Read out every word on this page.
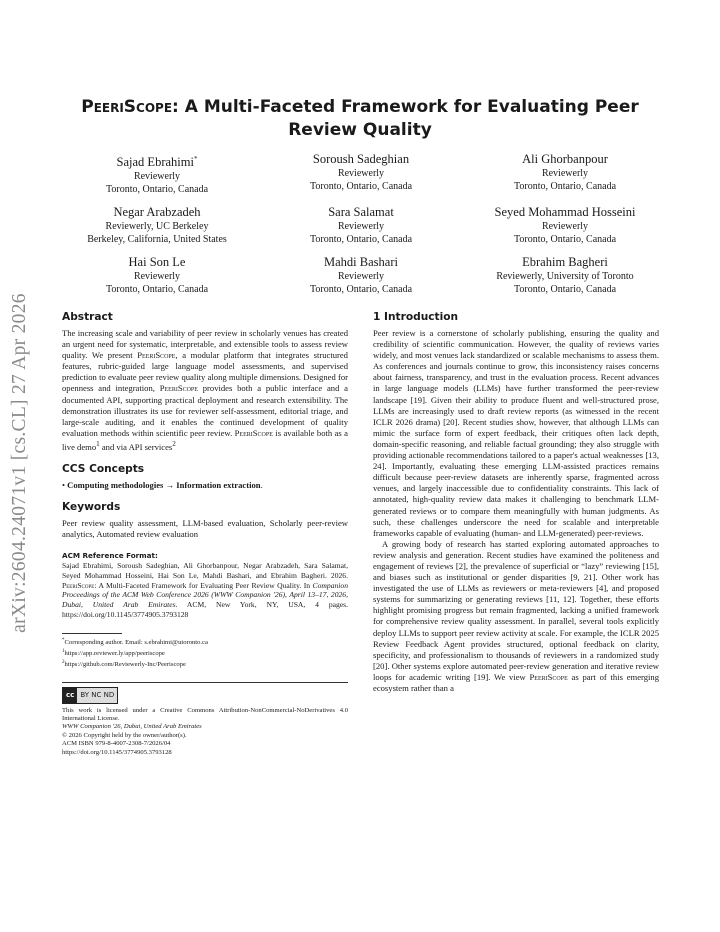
arXiv:2604.24071v1 [cs.CL] 27 Apr 2026
PeeriScope: A Multi-Faceted Framework for Evaluating Peer
Review Quality
Sajad Ebrahimi*
Reviewerly
Toronto, Ontario, Canada
Soroush Sadeghian
Reviewerly
Toronto, Ontario, Canada
Ali Ghorbanpour
Reviewerly
Toronto, Ontario, Canada
Negar Arabzadeh
Reviewerly, UC Berkeley
Berkeley, California, United States
Sara Salamat
Reviewerly
Toronto, Ontario, Canada
Seyed Mohammad Hosseini
Reviewerly
Toronto, Ontario, Canada
Hai Son Le
Reviewerly
Toronto, Ontario, Canada
Mahdi Bashari
Reviewerly
Toronto, Ontario, Canada
Ebrahim Bagheri
Reviewerly, University of Toronto
Toronto, Ontario, Canada
Abstract

The increasing scale and variability of peer review in scholarly venues has created an urgent need for systematic, interpretable, and extensible tools to assess review quality. We present PeeriScope, a modular platform that integrates structured features, rubric-guided large language model assessments, and supervised prediction to evaluate peer review quality along multiple dimensions. Designed for openness and integration, PeeriScope provides both a public interface and a documented API, supporting practical deployment and research extensibility. The demonstration illustrates its use for reviewer self-assessment, editorial triage, and large-scale auditing, and it enables the continued development of quality evaluation methods within scientific peer review. PeeriScope is available both as a live demo$^1$ and via API services$^2$

CCS Concepts

• Computing methodologies → Information extraction.

Keywords

Peer review quality assessment, LLM-based evaluation, Scholarly peer-review analytics, Automated review evaluation

ACM Reference Format:

Sajad Ebrahimi, Soroush Sadeghian, Ali Ghorbanpour, Negar Arabzadeh, Sara Salamat, Seyed Mohammad Hosseini, Hai Son Le, Mahdi Bashari, and Ebrahim Bagheri. 2026. PeeriScope: A Multi-Faceted Framework for Evaluating Peer Review Quality. In Companion Proceedings of the ACM Web Conference 2026 (WWW Companion '26), April 13–17, 2026, Dubai, United Arab Emirates. ACM, New York, NY, USA, 4 pages. https://doi.org/10.1145/3774905.3793128

*Corresponding author. Email: s.ebrahimi@utoronto.ca
$^1$https://app.reviewer.ly/app/peeriscope
$^2$https://github.com/Reviewerly-Inc/Peeriscope
cc BY NC ND
This work is licensed under a Creative Commons Attribution-NonCommercial-NoDerivatives 4.0 International License.
WWW Companion '26, Dubai, United Arab Emirates
© 2026 Copyright held by the owner/author(s).
ACM ISBN 979-8-4007-2308-7/2026/04
https://doi.org/10.1145/3774905.3793128
1 Introduction

Peer review is a cornerstone of scholarly publishing, ensuring the quality and credibility of scientific communication. However, the quality of reviews varies widely, and most venues lack standardized or scalable mechanisms to assess them. As conferences and journals continue to grow, this inconsistency raises concerns about fairness, transparency, and trust in the evaluation process. Recent advances in large language models (LLMs) have further transformed the peer-review landscape [19]. Given their ability to produce fluent and well-structured prose, LLMs are increasingly used to draft review reports (as witnessed in the recent ICLR 2026 drama) [20]. Recent studies show, however, that although LLMs can mimic the surface form of expert feedback, their critiques often lack depth, domain-specific reasoning, and reliable factual grounding; they also struggle with providing actionable recommendations tailored to a paper's actual weaknesses [13, 24]. Importantly, evaluating these emerging LLM-assisted practices remains difficult because peer-review datasets are inherently sparse, fragmented across venues, and largely inaccessible due to confidentiality constraints. This lack of annotated, high-quality review data makes it challenging to benchmark LLM-generated reviews or to compare them meaningfully with human judgments. As such, these challenges underscore the need for scalable and interpretable frameworks capable of evaluating (human- and LLM-generated) peer-reviews.

A growing body of research has started exploring automated approaches to review analysis and generation. Recent studies have examined the politeness and engagement of reviews [2], the prevalence of superficial or “lazy” reviewing [15], and biases such as institutional or gender disparities [9, 21]. Other work has investigated the use of LLMs as reviewers or meta-reviewers [4], and proposed systems for summarizing or generating reviews [11, 12]. Together, these efforts highlight promising progress but remain fragmented, lacking a unified framework for comprehensive review quality assessment. In parallel, several tools explicitly deploy LLMs to support peer review activity at scale. For example, the ICLR 2025 Review Feedback Agent provides structured, optional feedback on clarity, specificity, and professionalism to thousands of reviewers in a randomized study [20]. Other systems explore automated peer-review generation and iterative review loops for academic writing [19]. We view PeeriScope as part of this emerging ecosystem rather than a
